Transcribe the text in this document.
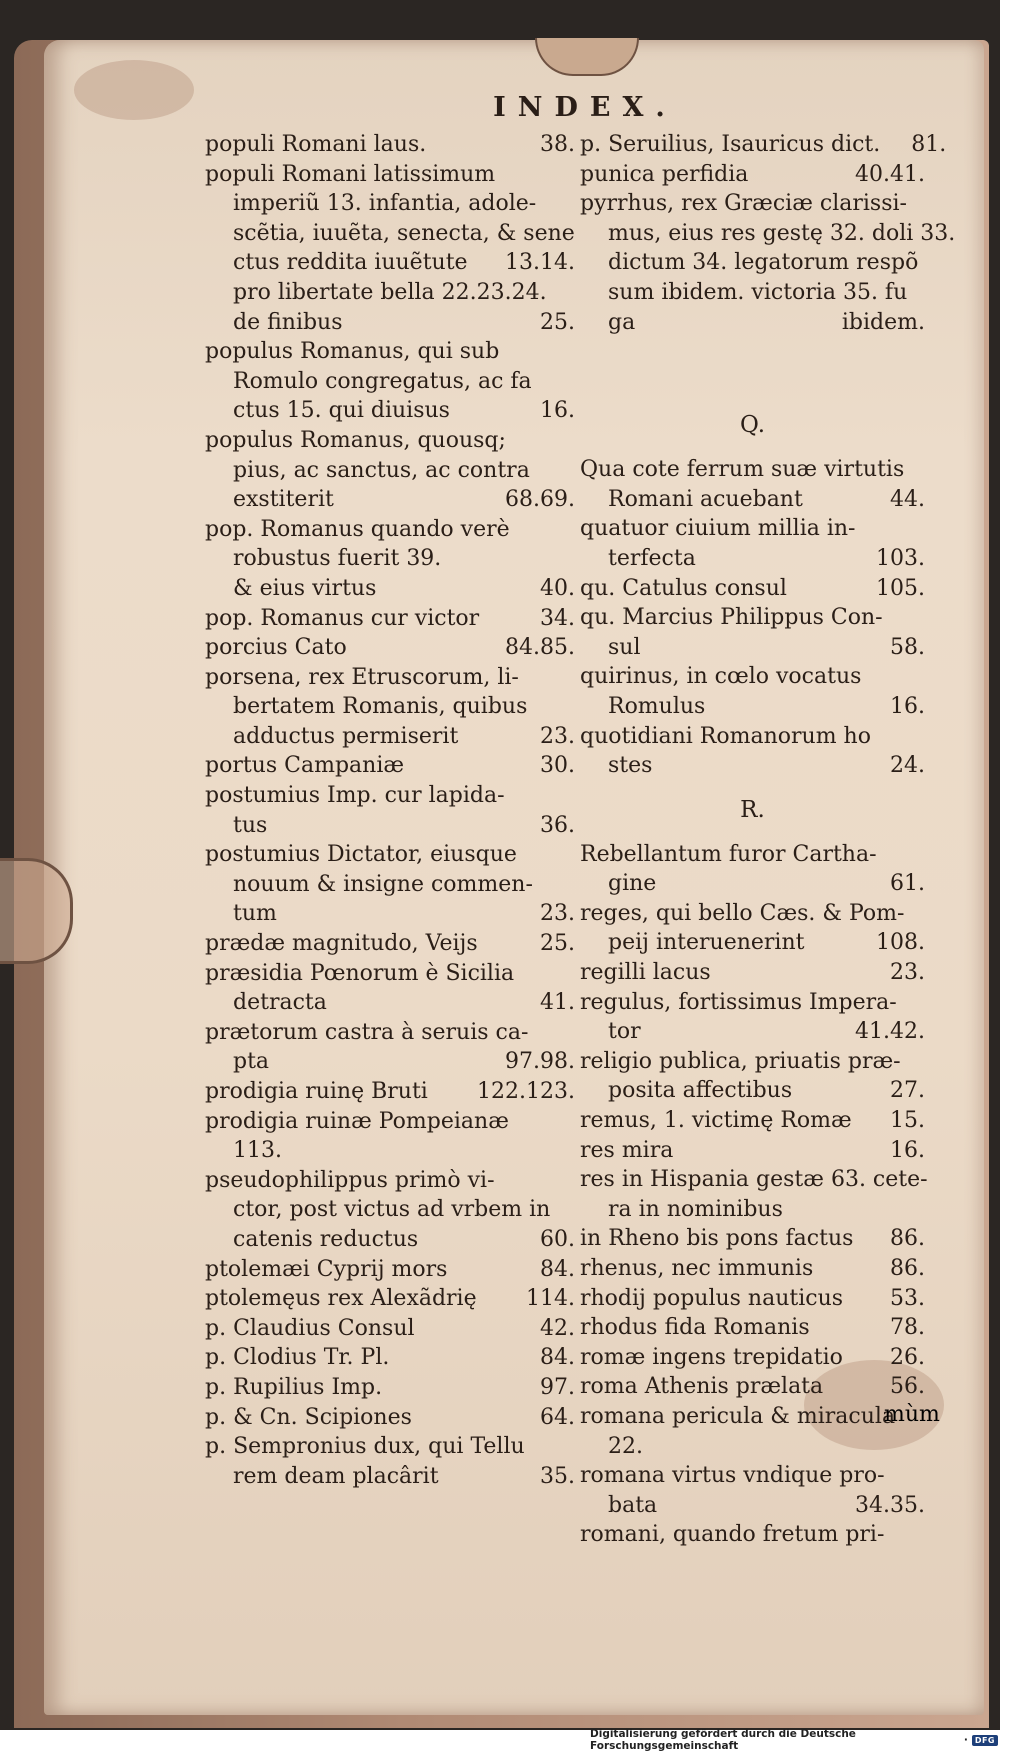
INDEX.
populi Romani laus.	38.
populi Romani latissimum
imperiũ 13. infantia, adole-
scẽtia, iuuẽta, senecta, & sene
ctus reddita iuuẽtute	13.14.
pro libertate bella 22.23.24.
de finibus	25.
populus Romanus, qui sub
Romulo congregatus, ac fa
ctus 15. qui diuisus	16.
populus Romanus, quousq;
pius, ac sanctus, ac contra
exstiterit	68.69.
pop. Romanus quando verè
robustus fuerit 39.
& eius virtus	40.
pop. Romanus cur victor	34.
porcius Cato	84.85.
porsena, rex Etruscorum, li-
bertatem Romanis, quibus
adductus permiserit	23.
portus Campaniæ	30.
postumius Imp. cur lapida-
tus	36.
postumius Dictator, eiusque
nouum & insigne commen-
tum	23.
prædæ magnitudo, Veijs	25.
præsidia Pœnorum è Sicilia
detracta	41.
prætorum castra à seruis ca-
pta	97.98.
prodigia ruinę Bruti	122.123.
prodigia ruinæ Pompeianæ
113.
pseudophilippus primò vi-
ctor, post victus ad vrbem in
catenis reductus	60.
ptolemæi Cyprij mors	84.
ptolemęus rex Alexãdrię	114.
p. Claudius Consul	42.
p. Clodius Tr. Pl.	84.
p. Rupilius Imp.	97.
p. & Cn. Scipiones	64.
p. Sempronius dux, qui Tellu
rem deam placârit	35.
p. Seruilius, Isauricus dict.	81.
punica perfidia	40.41.
pyrrhus, rex Græciæ clarissi-
mus, eius res gestę 32. doli 33.
dictum 34. legatorum respõ
sum ibidem. victoria 35. fu
ga	ibidem.
Q.
Qua cote ferrum suæ virtutis
Romani acuebant	44.
quatuor ciuium millia in-
terfecta	103.
qu. Catulus consul	105.
qu. Marcius Philippus Con-
sul	58.
quirinus, in cœlo vocatus
Romulus	16.
quotidiani Romanorum ho
stes	24.
R.
Rebellantum furor Cartha-
gine	61.
reges, qui bello Cæs. & Pom-
peij interuenerint	108.
regilli lacus	23.
regulus, fortissimus Impera-
tor	41.42.
religio publica, priuatis præ-
posita affectibus	27.
remus, 1. victimę Romæ	15.
res mira	16.
res in Hispania gestæ 63. cete-
ra in nominibus
in Rheno bis pons factus	86.
rhenus, nec immunis	86.
rhodij populus nauticus	53.
rhodus fida Romanis	78.
romæ ingens trepidatio	26.
roma Athenis prælata	56.
romana pericula & miracula
22.
romana virtus vndique pro-
bata	34.35.
romani, quando fretum pri-
mùm
Digitalisierung gefördert durch die Deutsche Forschungsgemeinschaft	· DFG
